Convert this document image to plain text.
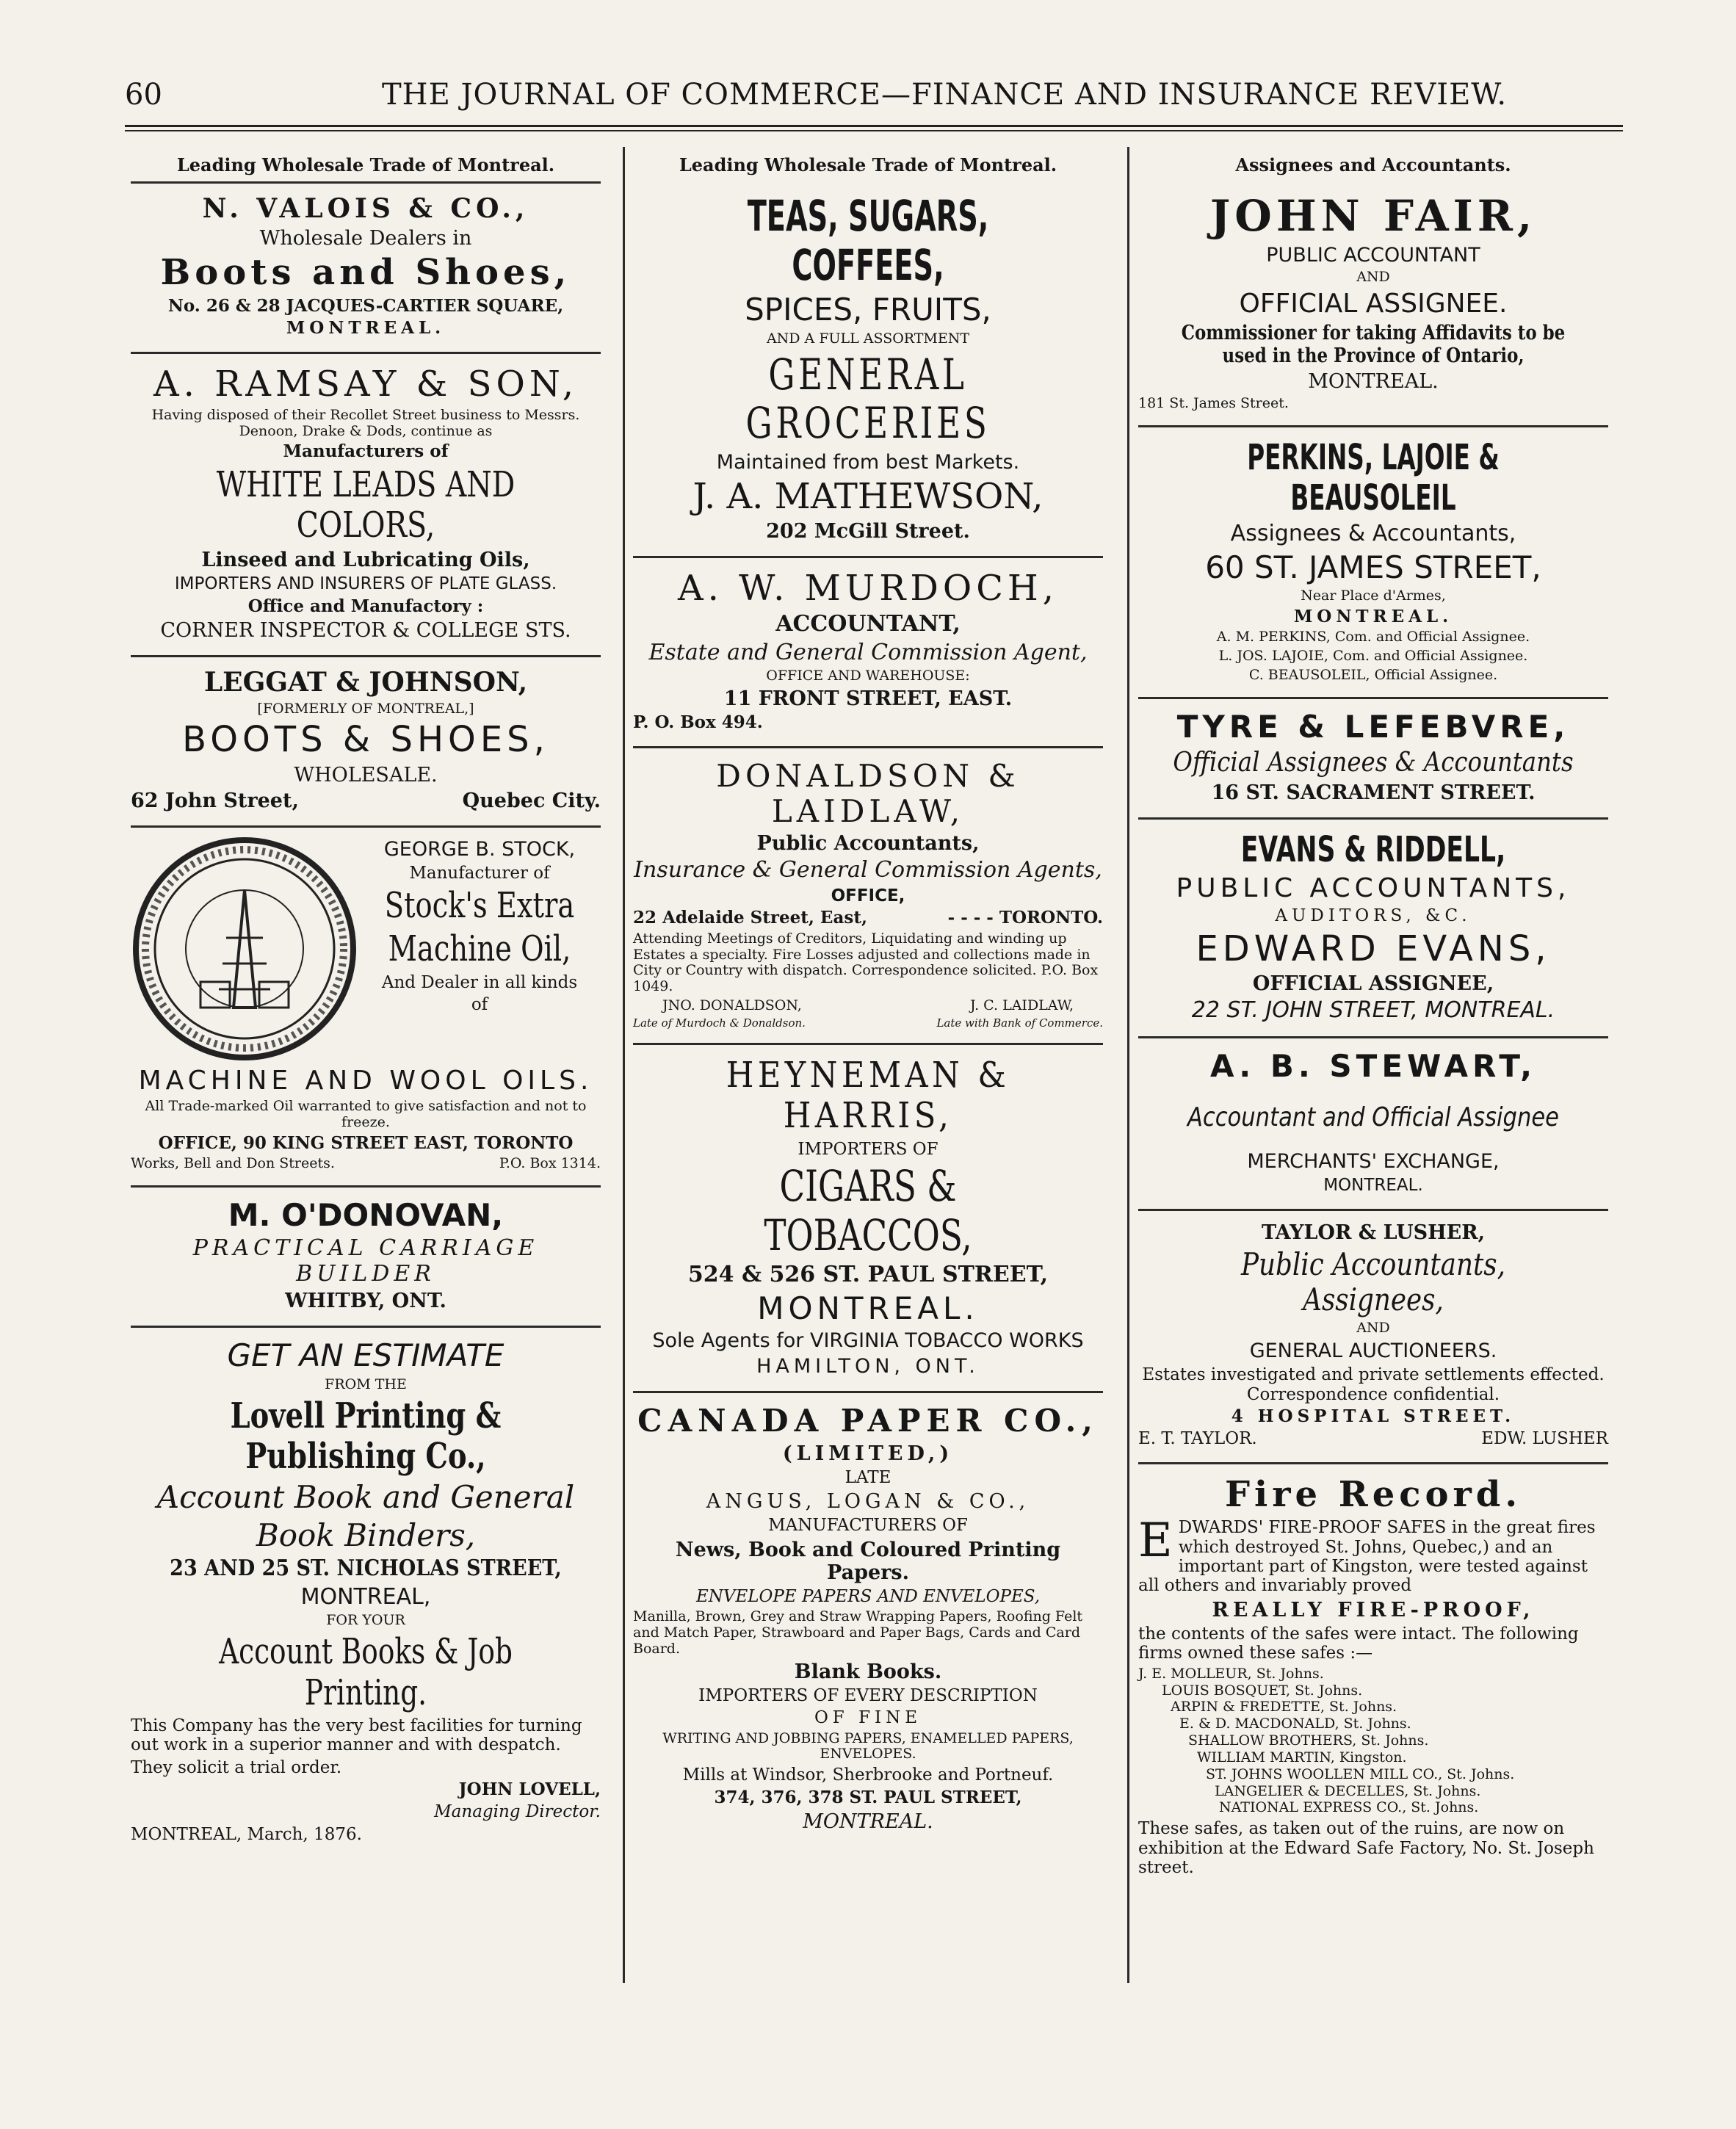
60	THE JOURNAL OF COMMERCE—FINANCE AND INSURANCE REVIEW.

Leading Wholesale Trade of Montreal.

N. VALOIS & CO.,

Wholesale Dealers in

Boots and Shoes,

No. 26 & 28 JACQUES-CARTIER SQUARE,

MONTREAL.

A. RAMSAY & SON,

Having disposed of their Recollet Street business to Messrs. Denoon, Drake & Dods, continue as

Manufacturers of

WHITE LEADS AND COLORS,

Linseed and Lubricating Oils,

IMPORTERS AND INSURERS OF PLATE GLASS.

Office and Manufactory :

CORNER INSPECTOR & COLLEGE STS.

LEGGAT & JOHNSON,

[FORMERLY OF MONTREAL,]

BOOTS & SHOES,

WHOLESALE.

62 John Street,	Quebec City.

GEORGE B. STOCK,

Manufacturer of

Stock's Extra

Machine Oil,

And Dealer in all kinds

of

MACHINE AND WOOL OILS.

All Trade-marked Oil warranted to give satisfaction and not to freeze.

OFFICE, 90 KING STREET EAST, TORONTO

Works, Bell and Don Streets.	P.O. Box 1314.

M. O'DONOVAN,

PRACTICAL CARRIAGE BUILDER

WHITBY, ONT.

GET AN ESTIMATE

FROM THE

Lovell Printing & Publishing Co.,

Account Book and General

Book Binders,

23 AND 25 ST. NICHOLAS STREET,

MONTREAL,

FOR YOUR

Account Books & Job Printing.

This Company has the very best facilities for turning out work in a superior manner and with despatch.

They solicit a trial order.

JOHN LOVELL,

Managing Director.

MONTREAL, March, 1876.

Leading Wholesale Trade of Montreal.

TEAS, SUGARS, COFFEES,

SPICES, FRUITS,

AND A FULL ASSORTMENT

GENERAL GROCERIES

Maintained from best Markets.

J. A. MATHEWSON,

202 McGill Street.

A. W. MURDOCH,

ACCOUNTANT,

Estate and General Commission Agent,

OFFICE AND WAREHOUSE:

11 FRONT STREET, EAST.

P. O. Box 494.

DONALDSON & LAIDLAW,

Public Accountants,

Insurance & General Commission Agents,

OFFICE,

22 Adelaide Street, East,	- - - - TORONTO.

Attending Meetings of Creditors, Liquidating and winding up Estates a specialty. Fire Losses adjusted and collections made in City or Country with dispatch. Correspondence solicited. P.O. Box 1049.

JNO. DONALDSON,	J. C. LAIDLAW,

Late of Murdoch & Donaldson.	Late with Bank of Commerce.

HEYNEMAN & HARRIS,

IMPORTERS OF

CIGARS & TOBACCOS,

524 & 526 ST. PAUL STREET,

MONTREAL.

Sole Agents for VIRGINIA TOBACCO WORKS

HAMILTON, ONT.

CANADA PAPER CO.,

(LIMITED,)

LATE

ANGUS, LOGAN & CO.,

MANUFACTURERS OF

News, Book and Coloured Printing Papers.

ENVELOPE PAPERS AND ENVELOPES,

Manilla, Brown, Grey and Straw Wrapping Papers, Roofing Felt and Match Paper, Strawboard and Paper Bags, Cards and Card Board.

Blank Books.

IMPORTERS OF EVERY DESCRIPTION

OF FINE

WRITING AND JOBBING PAPERS, ENAMELLED PAPERS, ENVELOPES.

Mills at Windsor, Sherbrooke and Portneuf.

374, 376, 378 ST. PAUL STREET,

MONTREAL.

Assignees and Accountants.

JOHN FAIR,

PUBLIC ACCOUNTANT

AND

OFFICIAL ASSIGNEE.

Commissioner for taking Affidavits to be used in the Province of Ontario,

MONTREAL.

181 St. James Street.

PERKINS, LAJOIE & BEAUSOLEIL

Assignees & Accountants,

60 ST. JAMES STREET,

Near Place d'Armes,

MONTREAL.

A. M. PERKINS, Com. and Official Assignee.

L. JOS. LAJOIE, Com. and Official Assignee.

C. BEAUSOLEIL, Official Assignee.

TYRE & LEFEBVRE,

Official Assignees & Accountants

16 ST. SACRAMENT STREET.

EVANS & RIDDELL,

PUBLIC ACCOUNTANTS,

AUDITORS, &C.

EDWARD EVANS,

OFFICIAL ASSIGNEE,

22 ST. JOHN STREET, MONTREAL.

A. B. STEWART,

Accountant and Official Assignee

MERCHANTS' EXCHANGE,

MONTREAL.

TAYLOR & LUSHER,

Public Accountants, Assignees,

AND

GENERAL AUCTIONEERS.

Estates investigated and private settlements effected. Correspondence confidential.

4 HOSPITAL STREET.

E. T. TAYLOR.	EDW. LUSHER

Fire Record.

EDWARDS' FIRE-PROOF SAFES in the great fires which destroyed St. Johns, Quebec,) and an important part of Kingston, were tested against all others and invariably proved

REALLY FIRE-PROOF,

the contents of the safes were intact. The following firms owned these safes :—

J. E. MOLLEUR, St. Johns.

LOUIS BOSQUET, St. Johns.

ARPIN & FREDETTE, St. Johns.

E. & D. MACDONALD, St. Johns.

SHALLOW BROTHERS, St. Johns.

WILLIAM MARTIN, Kingston.

ST. JOHNS WOOLLEN MILL CO., St. Johns.

LANGELIER & DECELLES, St. Johns.

NATIONAL EXPRESS CO., St. Johns.

These safes, as taken out of the ruins, are now on exhibition at the Edward Safe Factory, No. St. Joseph street.
